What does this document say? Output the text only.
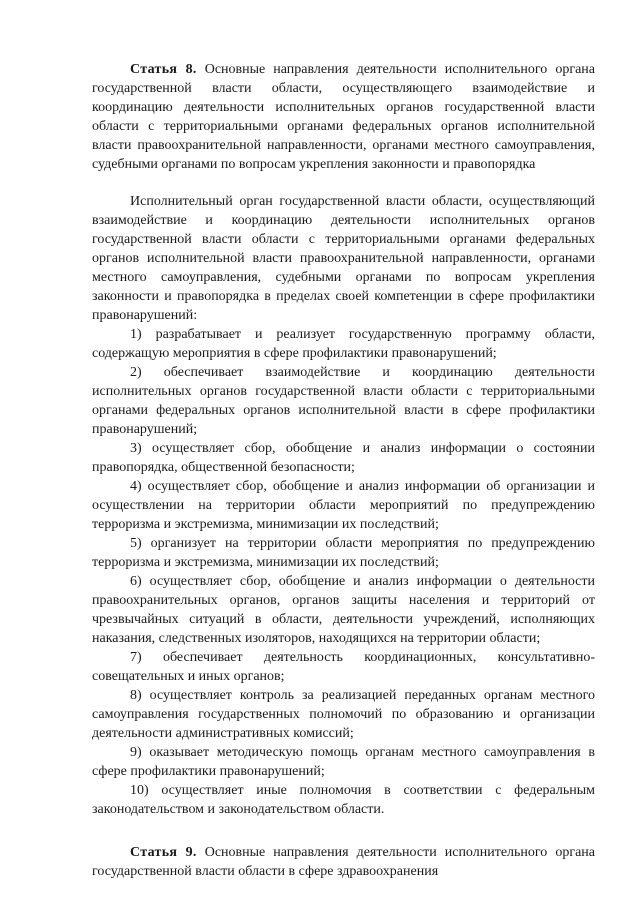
Статья 8. Основные направления деятельности исполнительного органа государственной власти области, осуществляющего взаимодействие и координацию деятельности исполнительных органов государственной власти области с территориальными органами федеральных органов исполнительной власти правоохранительной направленности, органами местного самоуправления, судебными органами по вопросам укрепления законности и правопорядка

Исполнительный орган государственной власти области, осуществляющий взаимодействие и координацию деятельности исполнительных органов государственной власти области с территориальными органами федеральных органов исполнительной власти правоохранительной направленности, органами местного самоуправления, судебными органами по вопросам укрепления законности и правопорядка в пределах своей компетенции в сфере профилактики правонарушений:

1) разрабатывает и реализует государственную программу области, содержащую мероприятия в сфере профилактики правонарушений;

2) обеспечивает взаимодействие и координацию деятельности исполнительных органов государственной власти области с территориальными органами федеральных органов исполнительной власти в сфере профилактики правонарушений;

3) осуществляет сбор, обобщение и анализ информации о состоянии правопорядка, общественной безопасности;

4) осуществляет сбор, обобщение и анализ информации об организации и осуществлении на территории области мероприятий по предупреждению терроризма и экстремизма, минимизации их последствий;

5) организует на территории области мероприятия по предупреждению терроризма и экстремизма, минимизации их последствий;

6) осуществляет сбор, обобщение и анализ информации о деятельности правоохранительных органов, органов защиты населения и территорий от чрезвычайных ситуаций в области, деятельности учреждений, исполняющих наказания, следственных изоляторов, находящихся на территории области;

7) обеспечивает деятельность координационных, консультативно-совещательных и иных органов;

8) осуществляет контроль за реализацией переданных органам местного самоуправления государственных полномочий по образованию и организации деятельности административных комиссий;

9) оказывает методическую помощь органам местного самоуправления в сфере профилактики правонарушений;

10) осуществляет иные полномочия в соответствии с федеральным законодательством и законодательством области.

Статья 9. Основные направления деятельности исполнительного органа государственной власти области в сфере здравоохранения
